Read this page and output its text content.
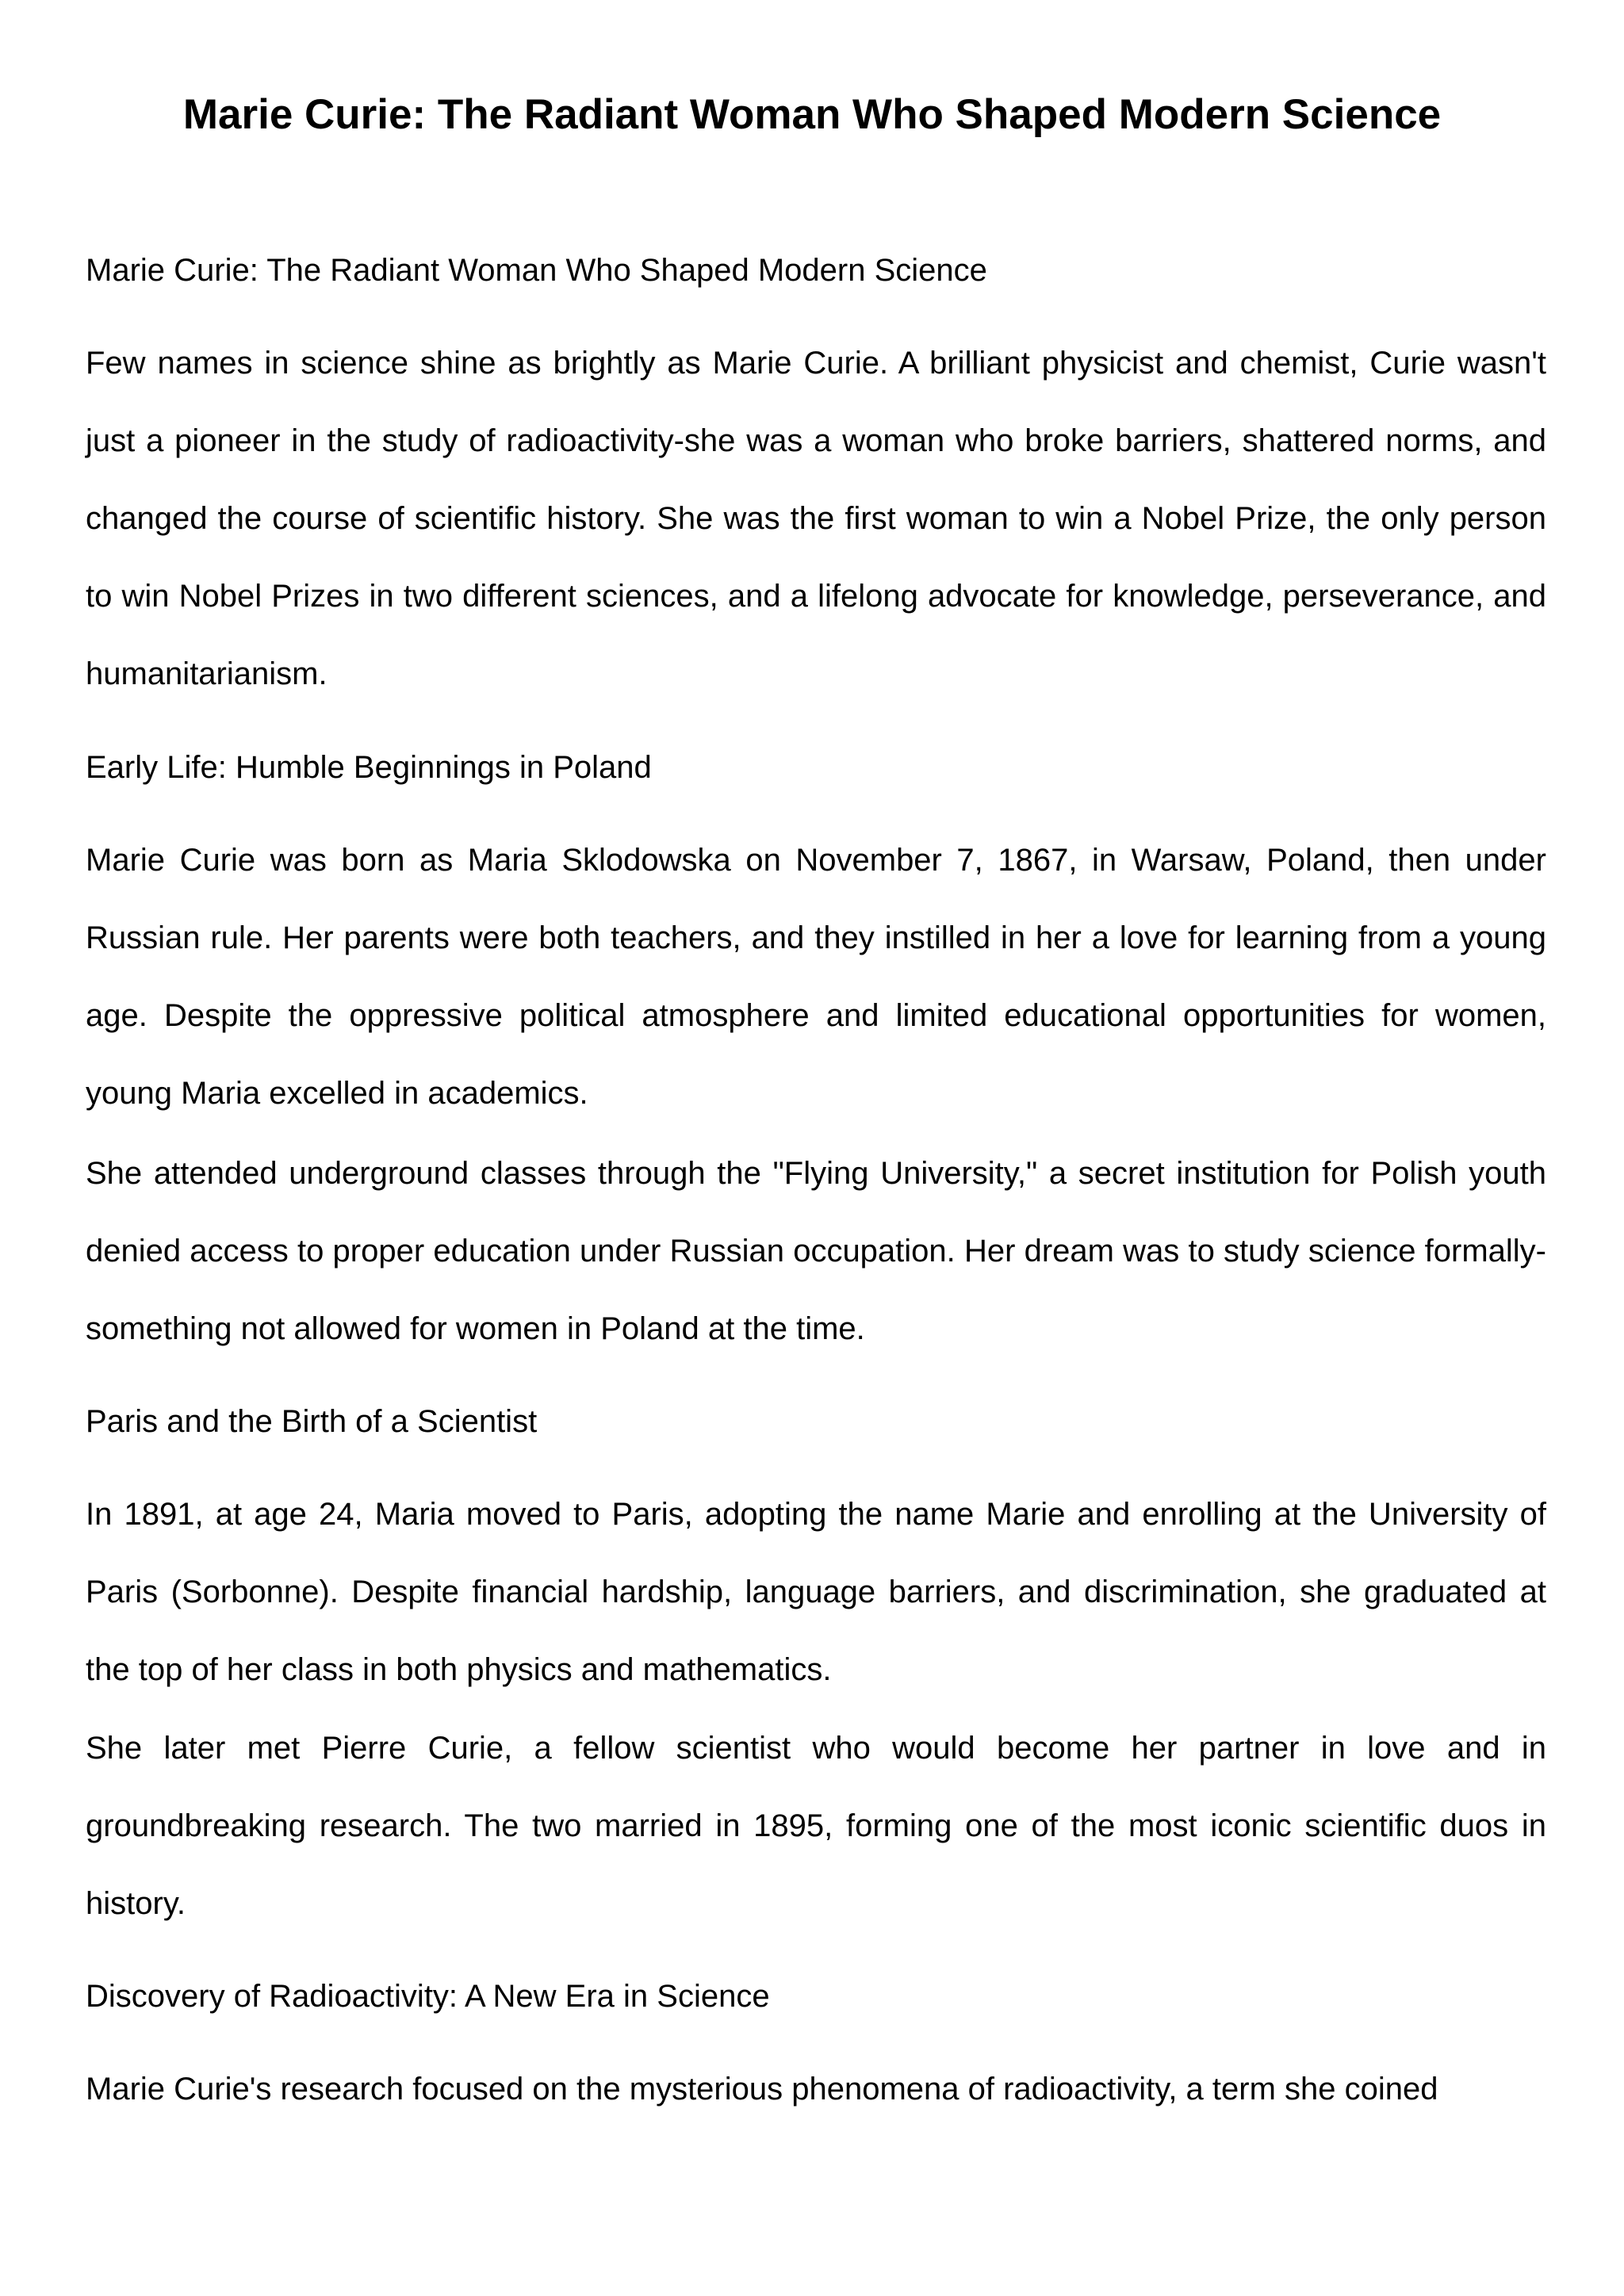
Marie Curie: The Radiant Woman Who Shaped Modern Science

Marie Curie: The Radiant Woman Who Shaped Modern Science

Few names in science shine as brightly as Marie Curie. A brilliant physicist and chemist, Curie wasn't just a pioneer in the study of radioactivity-she was a woman who broke barriers, shattered norms, and changed the course of scientific history. She was the first woman to win a Nobel Prize, the only person to win Nobel Prizes in two different sciences, and a lifelong advocate for knowledge, perseverance, and humanitarianism.

Early Life: Humble Beginnings in Poland

Marie Curie was born as Maria Sklodowska on November 7, 1867, in Warsaw, Poland, then under Russian rule. Her parents were both teachers, and they instilled in her a love for learning from a young age. Despite the oppressive political atmosphere and limited educational opportunities for women, young Maria excelled in academics.

She attended underground classes through the "Flying University," a secret institution for Polish youth denied access to proper education under Russian occupation. Her dream was to study science formally-something not allowed for women in Poland at the time.

Paris and the Birth of a Scientist

In 1891, at age 24, Maria moved to Paris, adopting the name Marie and enrolling at the University of Paris (Sorbonne). Despite financial hardship, language barriers, and discrimination, she graduated at the top of her class in both physics and mathematics.

She later met Pierre Curie, a fellow scientist who would become her partner in love and in groundbreaking research. The two married in 1895, forming one of the most iconic scientific duos in history.

Discovery of Radioactivity: A New Era in Science

Marie Curie's research focused on the mysterious phenomena of radioactivity, a term she coined
